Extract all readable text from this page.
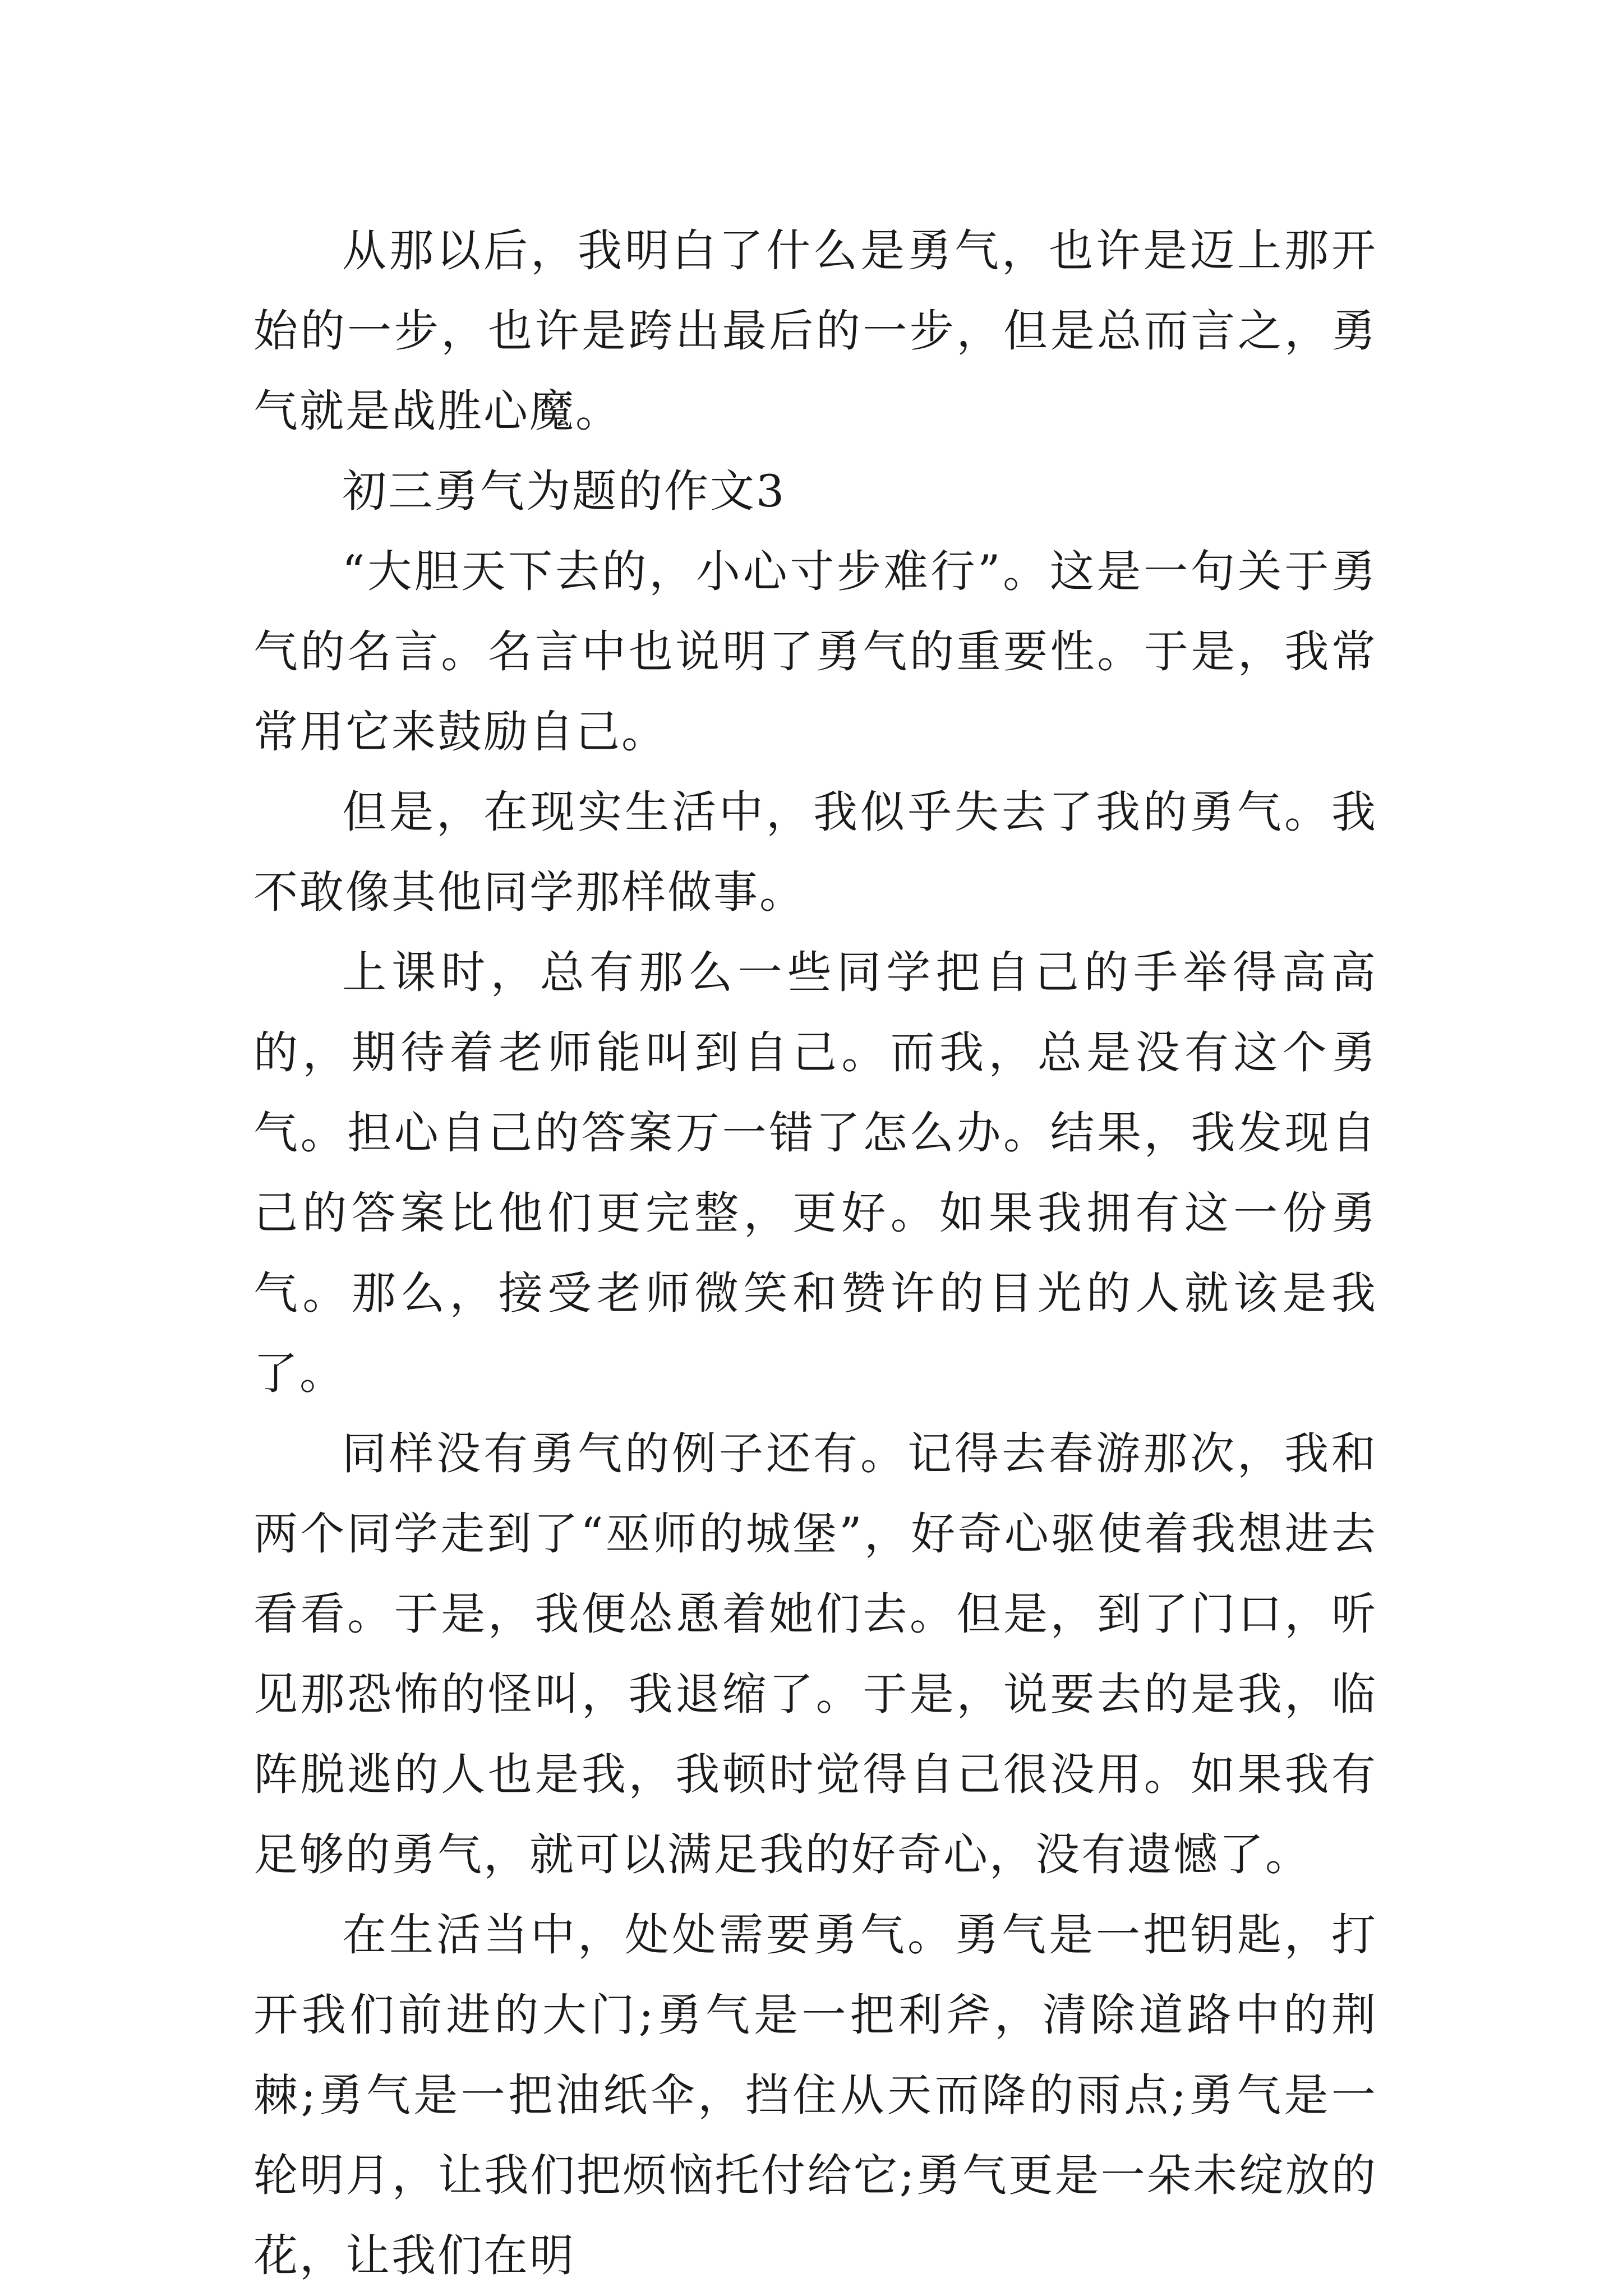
从那以后，我明白了什么是勇气，也许是迈上那开始的一步，也许是跨出最后的一步，但是总而言之，勇气就是战胜心魔。

初三勇气为题的作文3

“大胆天下去的，小心寸步难行”。这是一句关于勇气的名言。名言中也说明了勇气的重要性。于是，我常常用它来鼓励自己。

但是，在现实生活中，我似乎失去了我的勇气。我不敢像其他同学那样做事。

上课时，总有那么一些同学把自己的手举得高高的，期待着老师能叫到自己。而我，总是没有这个勇气。担心自己的答案万一错了怎么办。结果，我发现自己的答案比他们更完整，更好。如果我拥有这一份勇气。那么，接受老师微笑和赞许的目光的人就该是我了。

同样没有勇气的例子还有。记得去春游那次，我和两个同学走到了“巫师的城堡”，好奇心驱使着我想进去看看。于是，我便怂恿着她们去。但是，到了门口，听见那恐怖的怪叫，我退缩了。于是，说要去的是我，临阵脱逃的人也是我，我顿时觉得自己很没用。如果我有足够的勇气，就可以满足我的好奇心，没有遗憾了。

在生活当中，处处需要勇气。勇气是一把钥匙，打开我们前进的大门;勇气是一把利斧，清除道路中的荆棘;勇气是一把油纸伞，挡住从天而降的雨点;勇气是一轮明月，让我们把烦恼托付给它;勇气更是一朵未绽放的花，让我们在明
